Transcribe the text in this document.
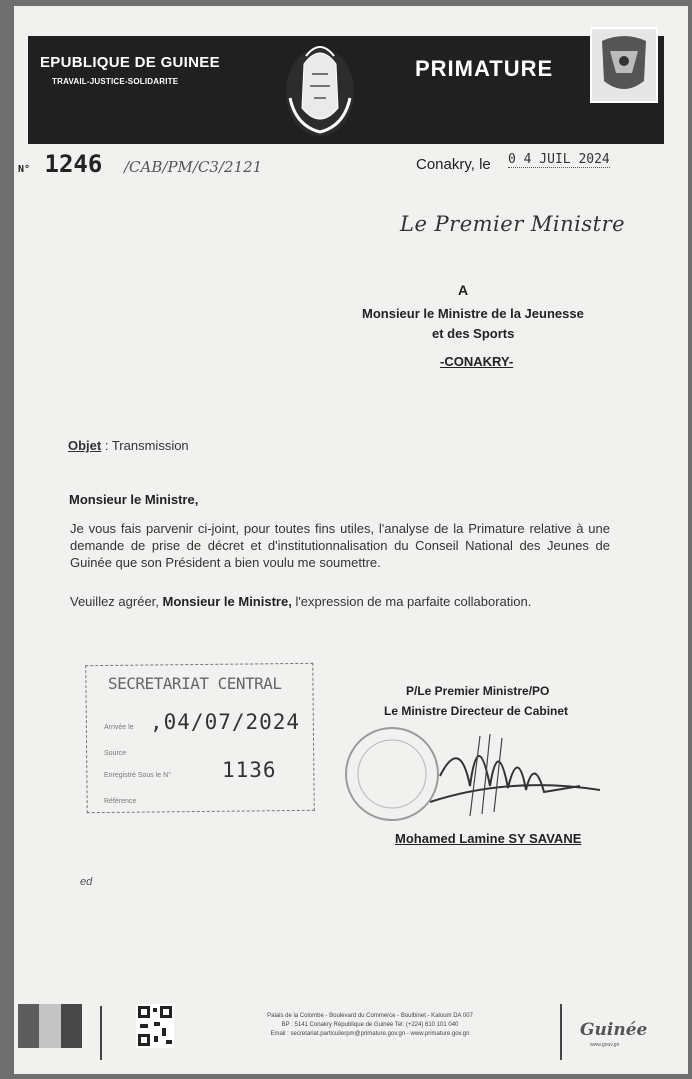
EPUBLIQUE DE GUINEE
TRAVAIL-JUSTICE-SOLIDARITE
PRIMATURE
N° 1246 /CAB/PM/C3/2121	Conakry, le 0 4 JUIL 2024
Le Premier Ministre
A
Monsieur le Ministre de la Jeunesse
et des Sports
-CONAKRY-
Objet : Transmission
Monsieur le Ministre,
Je vous fais parvenir ci-joint, pour toutes fins utiles, l'analyse de la Primature relative à une demande de prise de décret et d'institutionnalisation du Conseil National des Jeunes de Guinée que son Président a bien voulu me soumettre.
Veuillez agréer, Monsieur le Ministre, l'expression de ma parfaite collaboration.
SECRETARIAT CENTRAL
Arrivée le ,04/07/2024
Source
Enregistré Sous le N° 1136
Référence
P/Le Premier Ministre/PO
Le Ministre Directeur de Cabinet
Mohamed Lamine SY SAVANE
ed
Palais de la Colombe - Boulevard du Commerce - Boulbinet - Kaloum DA 007
BP : 5141 Conakry République de Guinée Tel: (+224) 610 101 040
Email : secretariat.particulierpm@primature.gov.gn - www.primature.gov.gn	Guinée
www.gouv.gn
